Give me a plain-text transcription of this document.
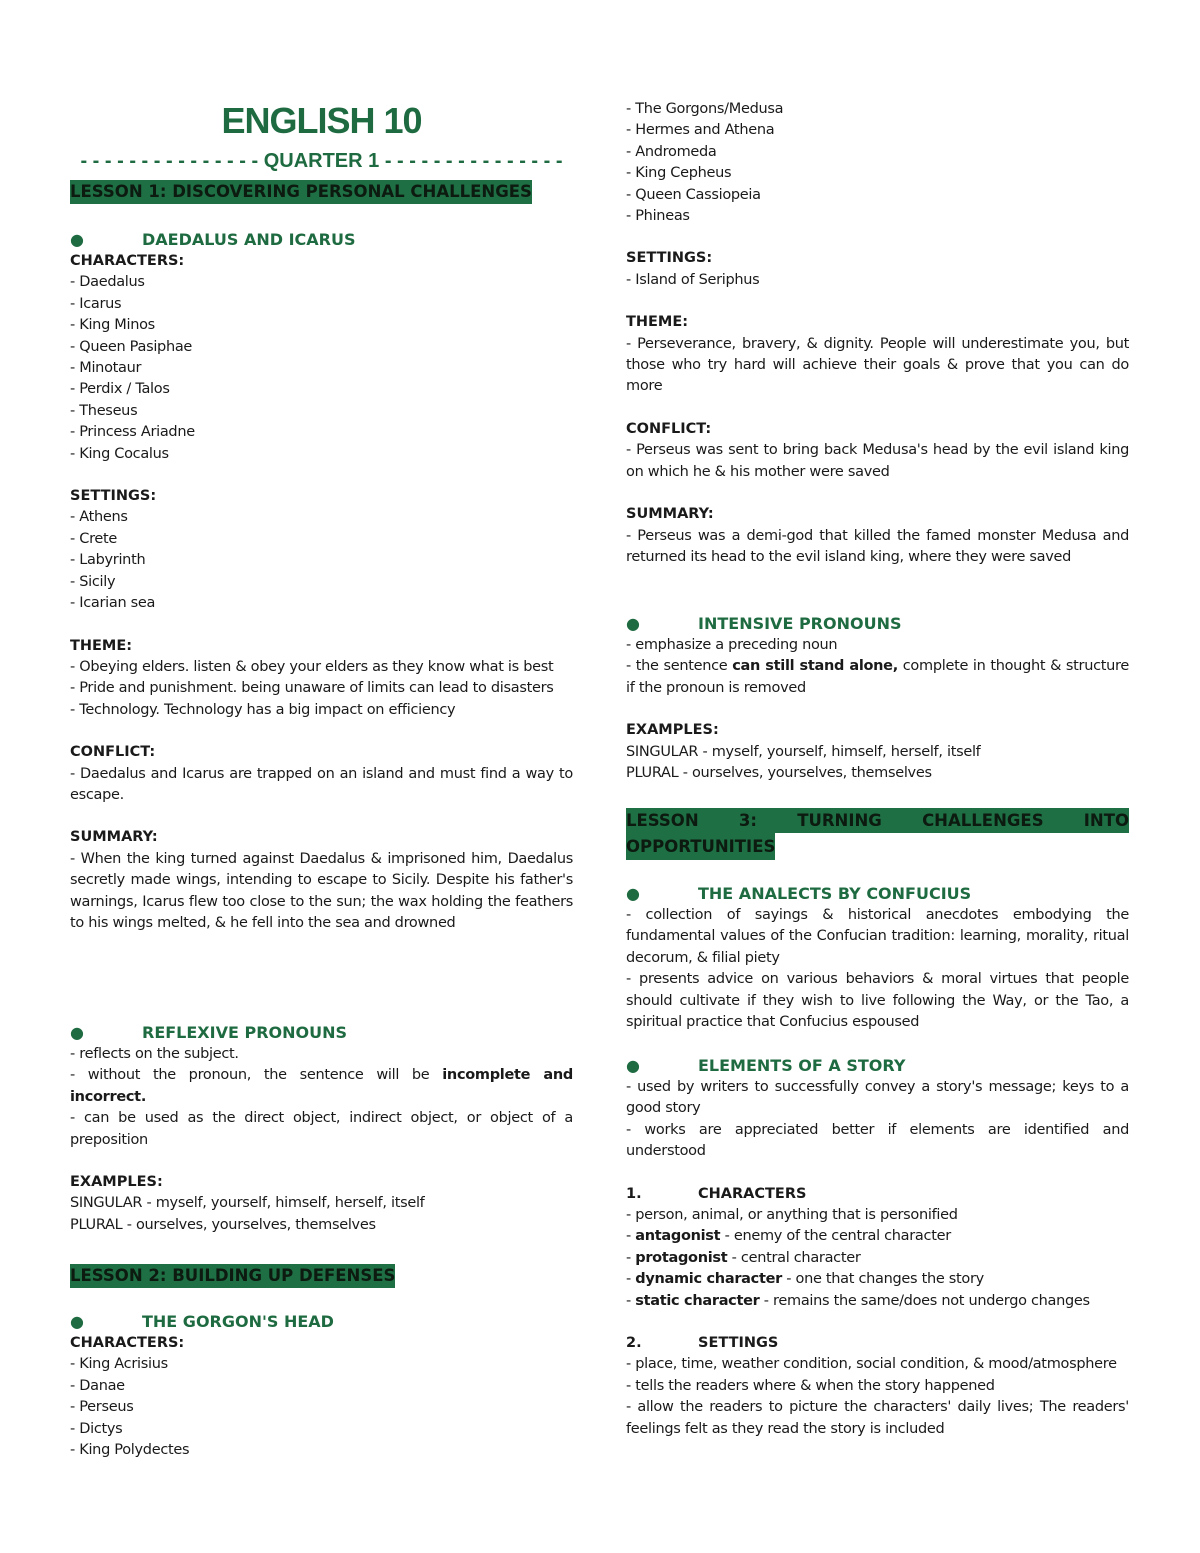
ENGLISH 10
- - - - - - - - - - - - - - - QUARTER 1 - - - - - - - - - - - - - - -
LESSON 1: DISCOVERING PERSONAL CHALLENGES
●	DAEDALUS AND ICARUS
CHARACTERS:
- Daedalus
- Icarus
- King Minos
- Queen Pasiphae
- Minotaur
- Perdix / Talos
- Theseus
- Princess Ariadne
- King Cocalus
SETTINGS:
- Athens
- Crete
- Labyrinth
- Sicily
- Icarian sea
THEME:
- Obeying elders. listen & obey your elders as they know what is best
- Pride and punishment. being unaware of limits can lead to disasters
- Technology. Technology has a big impact on efficiency
CONFLICT:
- Daedalus and Icarus are trapped on an island and must find a way to escape.
SUMMARY:
- When the king turned against Daedalus & imprisoned him, Daedalus secretly made wings, intending to escape to Sicily. Despite his father's warnings, Icarus flew too close to the sun; the wax holding the feathers to his wings melted, & he fell into the sea and drowned
●	REFLEXIVE PRONOUNS
- reflects on the subject.
- without the pronoun, the sentence will be incomplete and incorrect.
- can be used as the direct object, indirect object, or object of a preposition
EXAMPLES:
SINGULAR - myself, yourself, himself, herself, itself
PLURAL - ourselves, yourselves, themselves
LESSON 2: BUILDING UP DEFENSES
●	THE GORGON'S HEAD
CHARACTERS:
- King Acrisius
- Danae
- Perseus
- Dictys
- King Polydectes
- The Gorgons/Medusa
- Hermes and Athena
- Andromeda
- King Cepheus
- Queen Cassiopeia
- Phineas
SETTINGS:
- Island of Seriphus
THEME:
- Perseverance, bravery, & dignity. People will underestimate you, but those who try hard will achieve their goals & prove that you can do more
CONFLICT:
- Perseus was sent to bring back Medusa's head by the evil island king on which he & his mother were saved
SUMMARY:
- Perseus was a demi-god that killed the famed monster Medusa and returned its head to the evil island king, where they were saved
●	INTENSIVE PRONOUNS
- emphasize a preceding noun
- the sentence can still stand alone, complete in thought & structure if the pronoun is removed
EXAMPLES:
SINGULAR - myself, yourself, himself, herself, itself
PLURAL - ourselves, yourselves, themselves
LESSON 3: TURNING CHALLENGES INTO
OPPORTUNITIES
●	THE ANALECTS BY CONFUCIUS
- collection of sayings & historical anecdotes embodying the fundamental values of the Confucian tradition: learning, morality, ritual decorum, & filial piety
- presents advice on various behaviors & moral virtues that people should cultivate if they wish to live following the Way, or the Tao, a spiritual practice that Confucius espoused
●	ELEMENTS OF A STORY
- used by writers to successfully convey a story's message; keys to a good story
- works are appreciated better if elements are identified and understood
1.	CHARACTERS
- person, animal, or anything that is personified
- antagonist - enemy of the central character
- protagonist - central character
- dynamic character - one that changes the story
- static character - remains the same/does not undergo changes
2.	SETTINGS
- place, time, weather condition, social condition, & mood/atmosphere
- tells the readers where & when the story happened
- allow the readers to picture the characters' daily lives; The readers' feelings felt as they read the story is included
